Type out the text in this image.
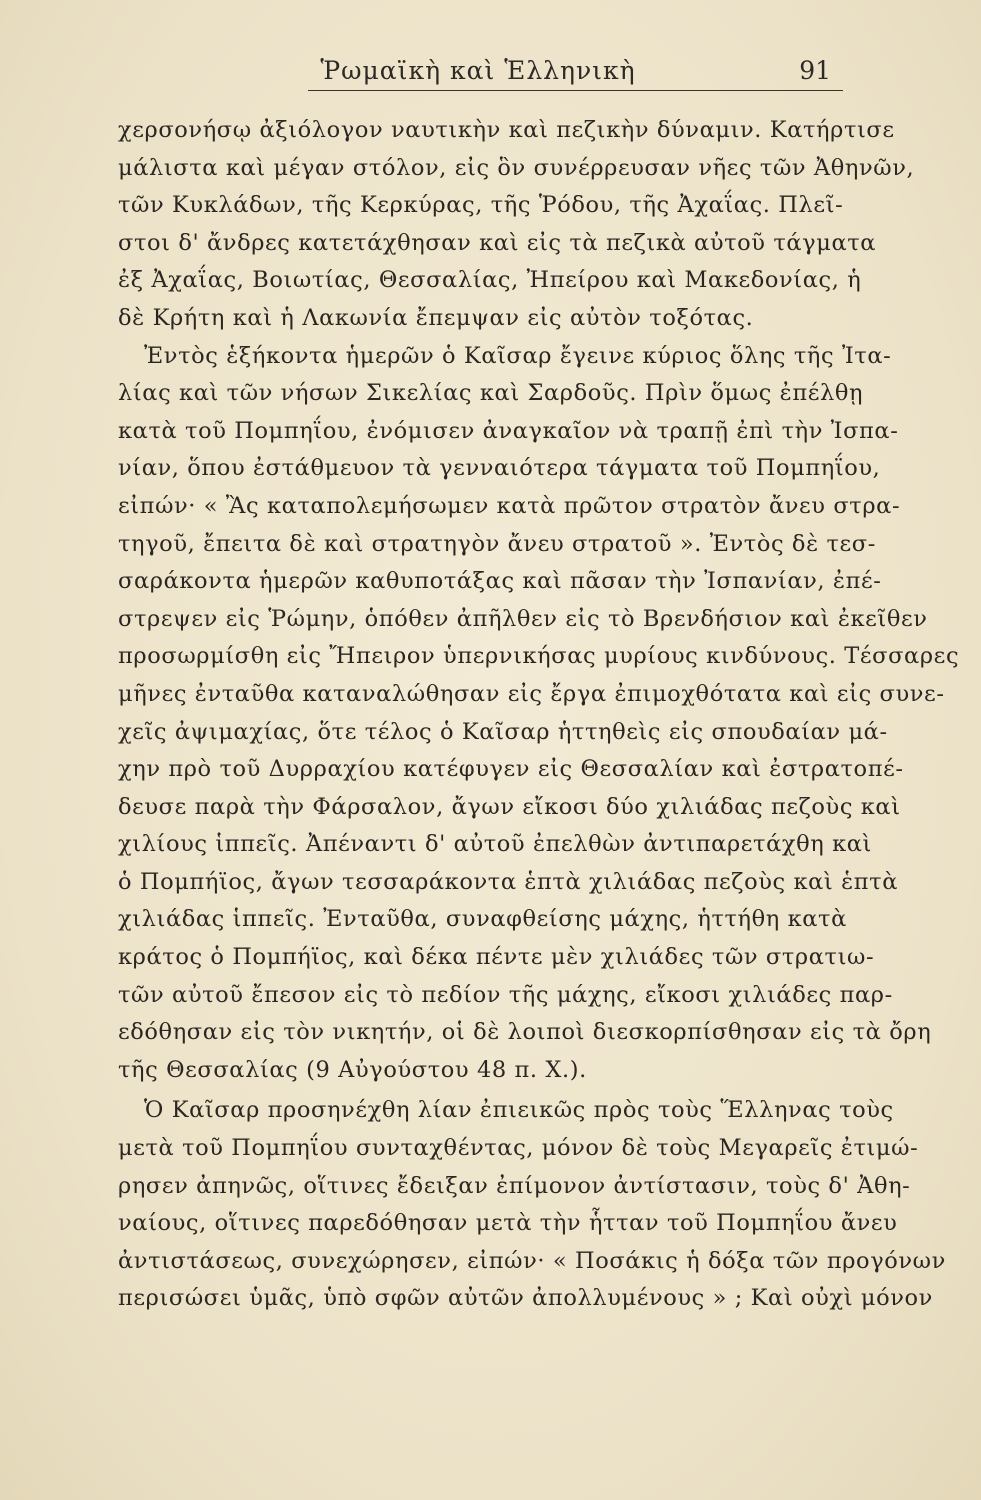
Ῥωμαϊκὴ καὶ Ἑλληνικὴ	91
χερσονήσῳ ἀξιόλογον ναυτικὴν καὶ πεζικὴν δύναμιν. Κατήρτισε
μάλιστα καὶ μέγαν στόλον, εἰς ὃν συνέρρευσαν νῆες τῶν Ἀθηνῶν,
τῶν Κυκλάδων, τῆς Κερκύρας, τῆς Ῥόδου, τῆς Ἀχαΐας. Πλεῖ-
στοι δ' ἄνδρες κατετάχθησαν καὶ εἰς τὰ πεζικὰ αὐτοῦ τάγματα
ἐξ Ἀχαΐας, Βοιωτίας, Θεσσαλίας, Ἠπείρου καὶ Μακεδονίας, ἡ
δὲ Κρήτη καὶ ἡ Λακωνία ἔπεμψαν εἰς αὐτὸν τοξότας.
Ἐντὸς ἑξήκοντα ἡμερῶν ὁ Καῖσαρ ἔγεινε κύριος ὅλης τῆς Ἰτα-
λίας καὶ τῶν νήσων Σικελίας καὶ Σαρδοῦς. Πρὶν ὅμως ἐπέλθῃ
κατὰ τοῦ Πομπηΐου, ἐνόμισεν ἀναγκαῖον νὰ τραπῇ ἐπὶ τὴν Ἰσπα-
νίαν, ὅπου ἐστάθμευον τὰ γενναιότερα τάγματα τοῦ Πομπηΐου,
εἰπών· « Ἂς καταπολεμήσωμεν κατὰ πρῶτον στρατὸν ἄνευ στρα-
τηγοῦ, ἔπειτα δὲ καὶ στρατηγὸν ἄνευ στρατοῦ ». Ἐντὸς δὲ τεσ-
σαράκοντα ἡμερῶν καθυποτάξας καὶ πᾶσαν τὴν Ἰσπανίαν, ἐπέ-
στρεψεν εἰς Ῥώμην, ὁπόθεν ἀπῆλθεν εἰς τὸ Βρενδήσιον καὶ ἐκεῖθεν
προσωρμίσθη εἰς Ἤπειρον ὑπερνικήσας μυρίους κινδύνους. Τέσσαρες
μῆνες ἐνταῦθα καταναλώθησαν εἰς ἔργα ἐπιμοχθότατα καὶ εἰς συνε-
χεῖς ἀψιμαχίας, ὅτε τέλος ὁ Καῖσαρ ἡττηθεὶς εἰς σπουδαίαν μά-
χην πρὸ τοῦ Δυρραχίου κατέφυγεν εἰς Θεσσαλίαν καὶ ἐστρατοπέ-
δευσε παρὰ τὴν Φάρσαλον, ἄγων εἴκοσι δύο χιλιάδας πεζοὺς καὶ
χιλίους ἱππεῖς. Ἀπέναντι δ' αὐτοῦ ἐπελθὼν ἀντιπαρετάχθη καὶ
ὁ Πομπήϊος, ἄγων τεσσαράκοντα ἑπτὰ χιλιάδας πεζοὺς καὶ ἑπτὰ
χιλιάδας ἱππεῖς. Ἐνταῦθα, συναφθείσης μάχης, ἡττήθη κατὰ
κράτος ὁ Πομπήϊος, καὶ δέκα πέντε μὲν χιλιάδες τῶν στρατιω-
τῶν αὐτοῦ ἔπεσον εἰς τὸ πεδίον τῆς μάχης, εἴκοσι χιλιάδες παρ-
εδόθησαν εἰς τὸν νικητήν, οἱ δὲ λοιποὶ διεσκορπίσθησαν εἰς τὰ ὄρη
τῆς Θεσσαλίας (9 Αὐγούστου 48 π. Χ.).
Ὁ Καῖσαρ προσηνέχθη λίαν ἐπιεικῶς πρὸς τοὺς Ἕλληνας τοὺς
μετὰ τοῦ Πομπηΐου συνταχθέντας, μόνον δὲ τοὺς Μεγαρεῖς ἐτιμώ-
ρησεν ἀπηνῶς, οἵτινες ἔδειξαν ἐπίμονον ἀντίστασιν, τοὺς δ' Ἀθη-
ναίους, οἵτινες παρεδόθησαν μετὰ τὴν ἧτταν τοῦ Πομπηΐου ἄνευ
ἀντιστάσεως, συνεχώρησεν, εἰπών· « Ποσάκις ἡ δόξα τῶν προγόνων
περισώσει ὑμᾶς, ὑπὸ σφῶν αὐτῶν ἀπολλυμένους » ; Καὶ οὐχὶ μόνον
